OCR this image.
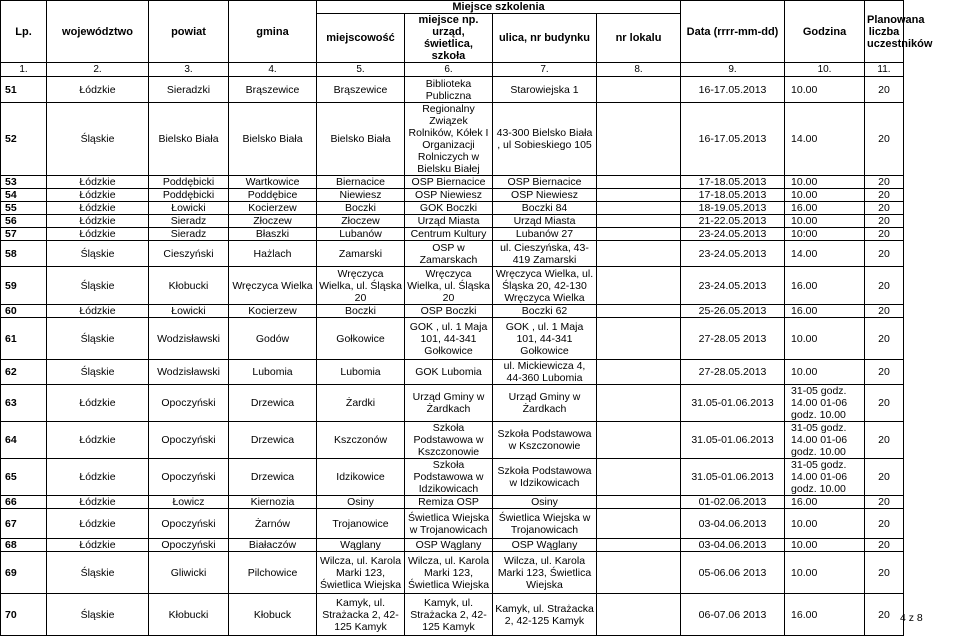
Lp.	województwo	powiat	gmina	Miejsce szkolenia				Data (rrrr-mm-dd)	Godzina	Planowana liczba uczestników
				miejscowość	miejsce np. urząd, świetlica, szkoła	ulica, nr budynku	nr lokalu			
1.	2.	3.	4.	5.	6.	7.	8.	9.	10.	11.
51	Łódzkie	Sieradzki	Brąszewice	Brąszewice	Biblioteka Publiczna	Starowiejska 1		16-17.05.2013	10.00	20
52	Śląskie	Bielsko Biała	Bielsko Biała	Bielsko Biała	Regionalny Związek Rolników, Kółek I Organizacji Rolniczych w Bielsku Białej	43-300 Bielsko Biała , ul Sobieskiego 105		16-17.05.2013	14.00	20
53	Łódzkie	Poddębicki	Wartkowice	Biernacice	OSP Biernacice	OSP Biernacice		17-18.05.2013	10.00	20
54	Łódzkie	Poddębicki	Poddębice	Niewiesz	OSP Niewiesz	OSP Niewiesz		17-18.05.2013	10.00	20
55	Łódzkie	Łowicki	Kocierzew	Boczki	GOK Boczki	Boczki 84		18-19.05.2013	16.00	20
56	Łódzkie	Sieradz	Złoczew	Złoczew	Urząd Miasta	Urząd Miasta		21-22.05.2013	10.00	20
57	Łódzkie	Sieradz	Błaszki	Lubanów	Centrum Kultury	Lubanów 27		23-24.05.2013	10:00	20
58	Śląskie	Cieszyński	Hażlach	Zamarski	OSP w Zamarskach	ul. Cieszyńska, 43-419 Zamarski		23-24.05.2013	14.00	20
59	Śląskie	Kłobucki	Wręczyca Wielka	Wręczyca Wielka, ul. Śląska 20	Wręczyca Wielka, ul. Śląska 20	Wręczyca Wielka, ul. Śląska 20, 42-130 Wręczyca Wielka		23-24.05.2013	16.00	20
60	Łódzkie	Łowicki	Kocierzew	Boczki	OSP Boczki	Boczki 62		25-26.05.2013	16.00	20
61	Śląskie	Wodzisławski	Godów	Gołkowice	GOK , ul. 1 Maja 101, 44-341 Gołkowice	GOK , ul. 1 Maja 101, 44-341 Gołkowice		27-28.05 2013	10.00	20
62	Śląskie	Wodzisławski	Lubomia	Lubomia	GOK Lubomia	ul. Mickiewicza 4, 44-360 Lubomia		27-28.05.2013	10.00	20
63	Łódzkie	Opoczyński	Drzewica	Żardki	Urząd Gminy w Żardkach	Urząd Gminy w Żardkach		31.05-01.06.2013	31-05 godz. 14.00 01-06 godz. 10.00	20
64	Łódzkie	Opoczyński	Drzewica	Kszczonów	Szkoła Podstawowa w Kszczonowie	Szkoła Podstawowa w Kszczonowie		31.05-01.06.2013	31-05 godz. 14.00 01-06 godz. 10.00	20
65	Łódzkie	Opoczyński	Drzewica	Idzikowice	Szkoła Podstawowa w Idzikowicach	Szkoła Podstawowa w Idzikowicach		31.05-01.06.2013	31-05 godz. 14.00 01-06 godz. 10.00	20
66	Łódzkie	Łowicz	Kiernozia	Osiny	Remiza OSP	Osiny		01-02.06.2013	16.00	20
67	Łódzkie	Opoczyński	Żarnów	Trojanowice	Świetlica Wiejska w Trojanowicach	Świetlica Wiejska w Trojanowicach		03-04.06.2013	10.00	20
68	Łódzkie	Opoczyński	Białaczów	Wąglany	OSP Wąglany	OSP Wąglany		03-04.06.2013	10.00	20
69	Śląskie	Gliwicki	Pilchowice	Wilcza, ul. Karola Marki 123, Świetlica Wiejska	Wilcza, ul. Karola Marki 123, Świetlica Wiejska	Wilcza, ul. Karola Marki 123, Świetlica Wiejska		05-06.06 2013	10.00	20
70	Śląskie	Kłobucki	Kłobuck	Kamyk, ul. Strażacka 2, 42-125 Kamyk	Kamyk, ul. Strażacka 2, 42-125 Kamyk	Kamyk, ul. Strażacka 2, 42-125 Kamyk		06-07.06 2013	16.00	20 4 z 8
